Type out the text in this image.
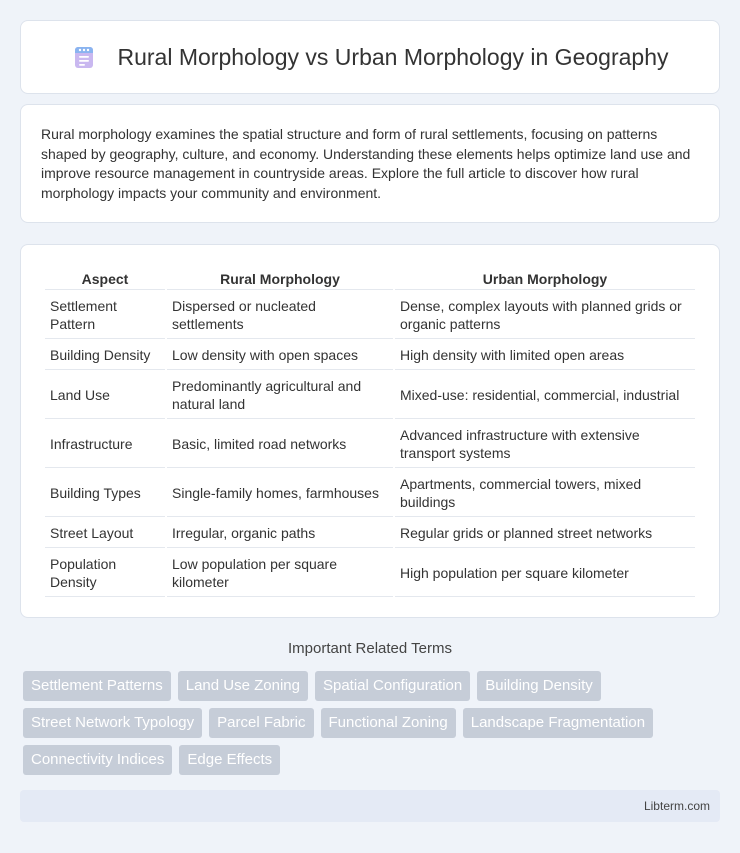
Rural Morphology vs Urban Morphology in Geography

Rural morphology examines the spatial structure and form of rural settlements, focusing on patterns shaped by geography, culture, and economy. Understanding these elements helps optimize land use and improve resource management in countryside areas. Explore the full article to discover how rural morphology impacts your community and environment.

Aspect	Rural Morphology	Urban Morphology
Settlement Pattern	Dispersed or nucleated settlements	Dense, complex layouts with planned grids or organic patterns
Building Density	Low density with open spaces	High density with limited open areas
Land Use	Predominantly agricultural and natural land	Mixed-use: residential, commercial, industrial
Infrastructure	Basic, limited road networks	Advanced infrastructure with extensive transport systems
Building Types	Single-family homes, farmhouses	Apartments, commercial towers, mixed buildings
Street Layout	Irregular, organic paths	Regular grids or planned street networks
Population Density	Low population per square kilometer	High population per square kilometer
Important Related Terms
Settlement Patterns	Land Use Zoning	Spatial Configuration	Building Density
Street Network Typology	Parcel Fabric	Functional Zoning	Landscape Fragmentation
Connectivity Indices	Edge Effects
Libterm.com
